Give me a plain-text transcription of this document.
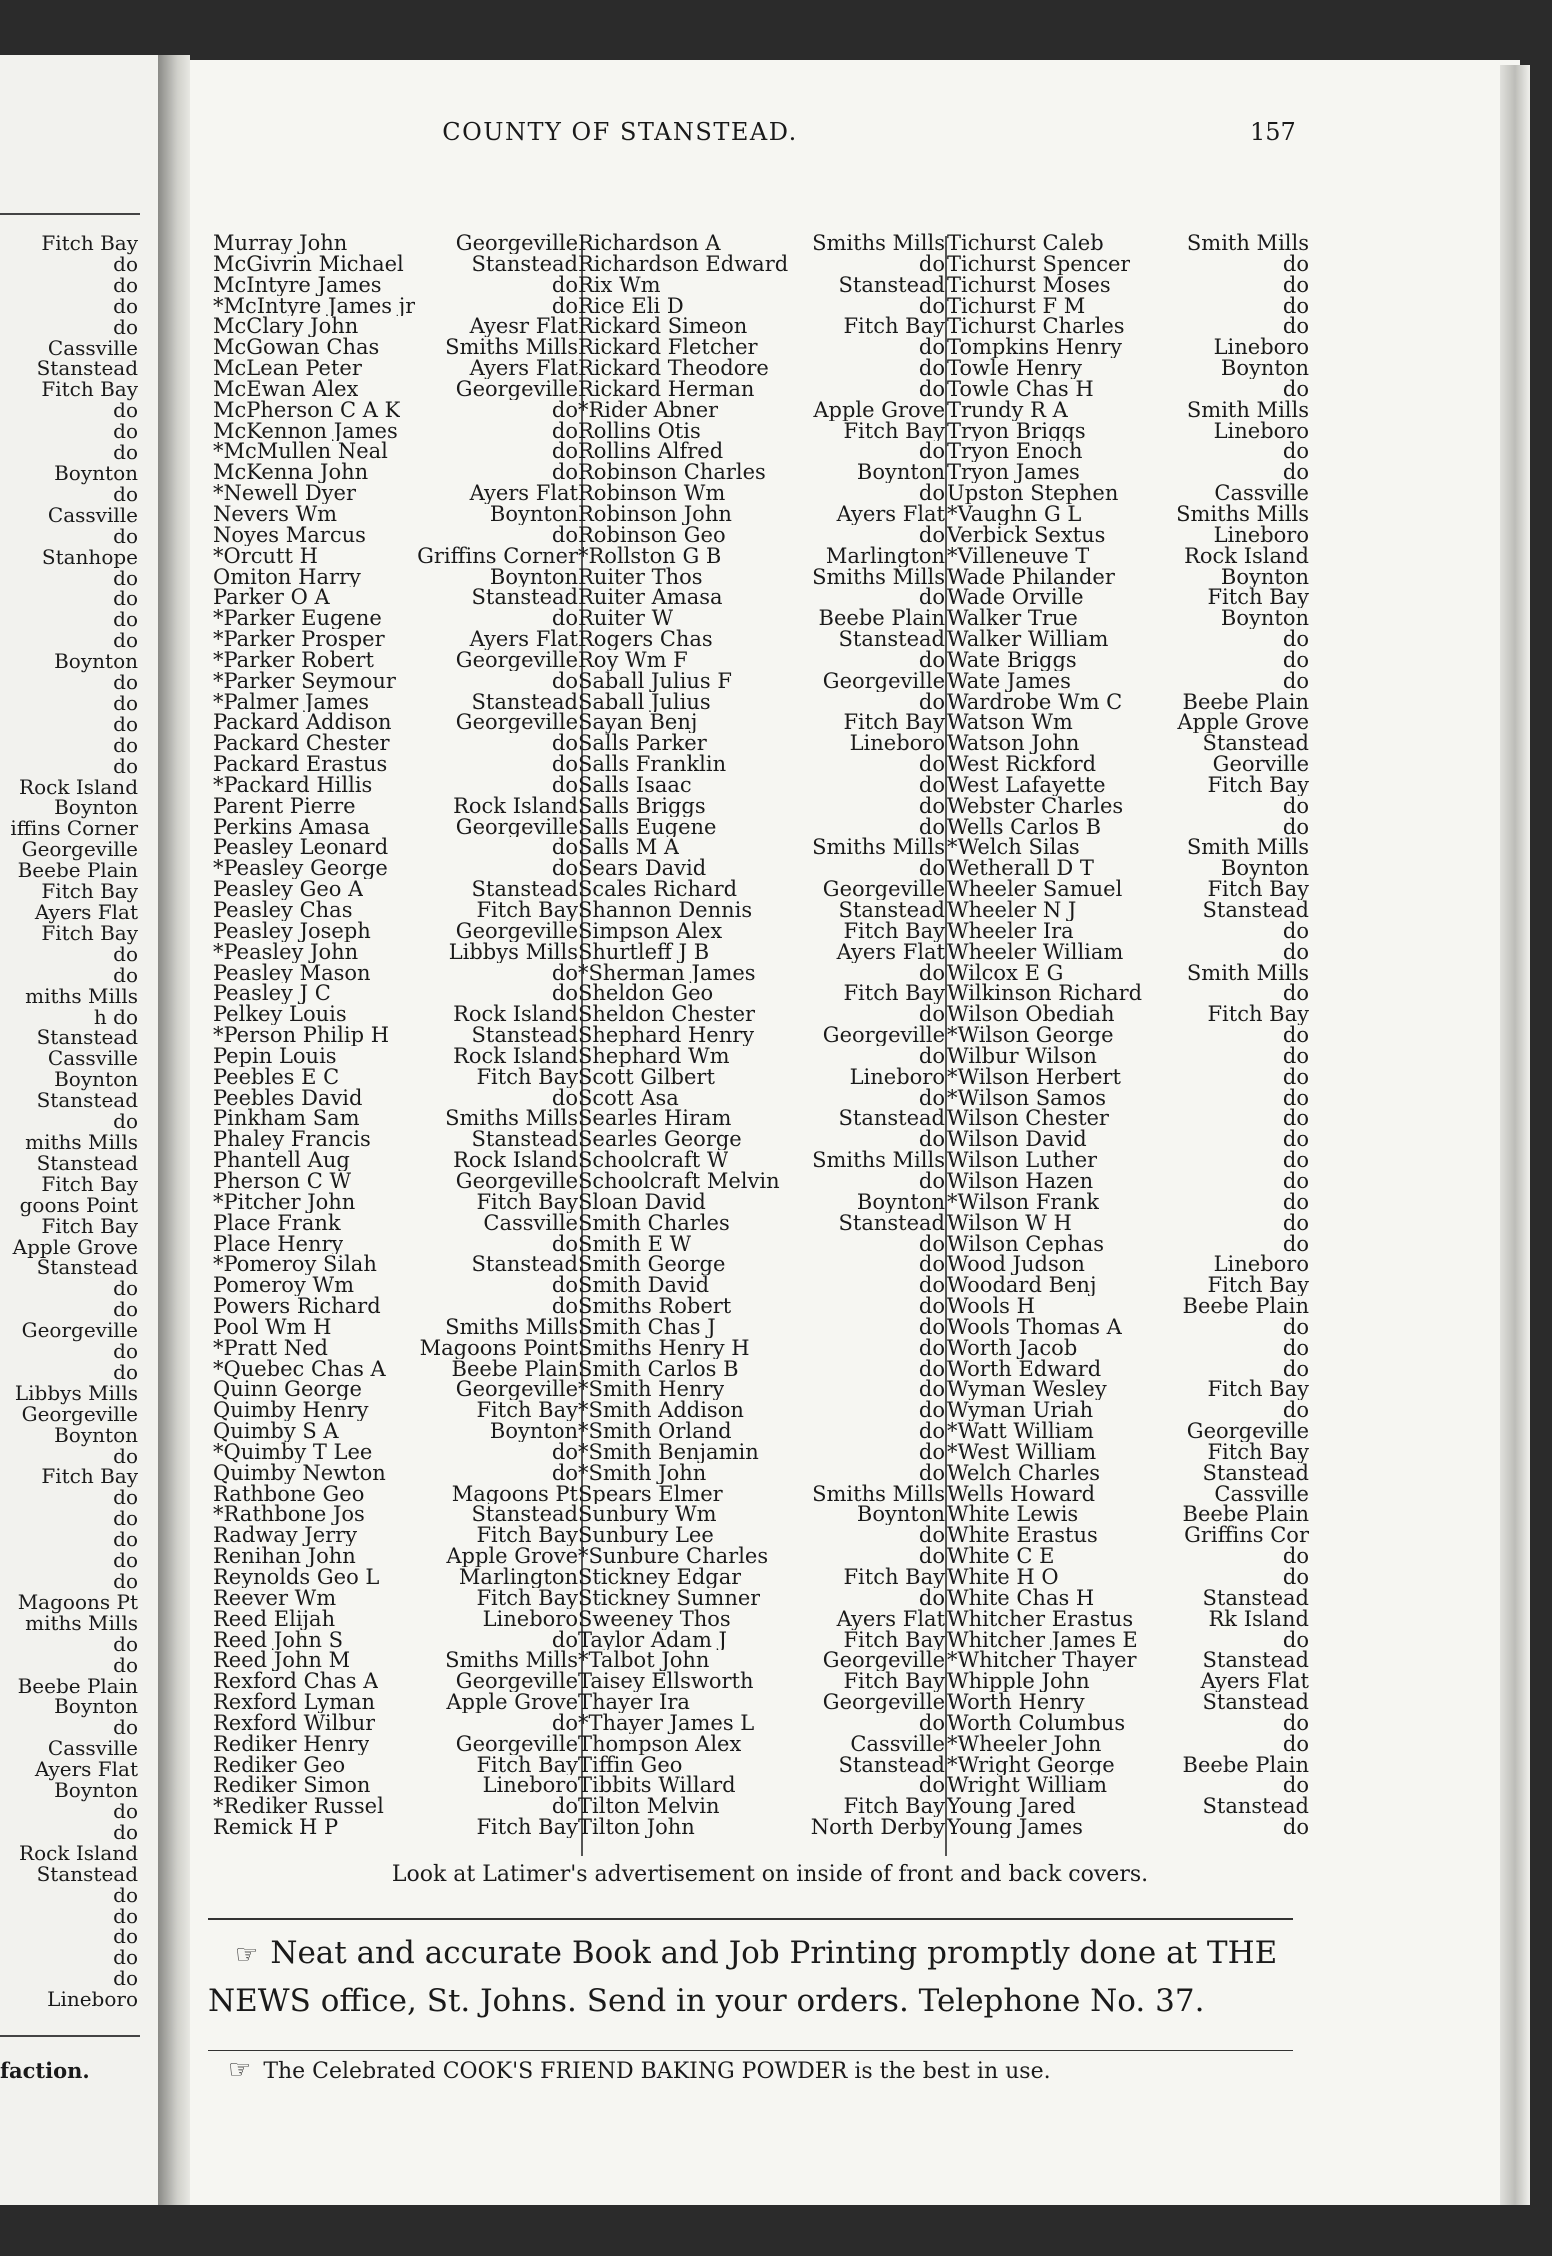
Fitch Bay
do
do
do
do
Cassville
Stanstead
Fitch Bay
do
do
do
Boynton
do
Cassville
do
Stanhope
do
do
do
do
Boynton
do
do
do
do
do
Rock Island
Boynton
iffins Corner
Georgeville
Beebe Plain
Fitch Bay
Ayers Flat
Fitch Bay
do
do
miths Mills
h do
Stanstead
Cassville
Boynton
Stanstead
do
miths Mills
Stanstead
Fitch Bay
goons Point
Fitch Bay
Apple Grove
Stanstead
do
do
Georgeville
do
do
Libbys Mills
Georgeville
Boynton
do
Fitch Bay
do
do
do
do
do
Magoons Pt
miths Mills
do
do
Beebe Plain
Boynton
do
Cassville
Ayers Flat
Boynton
do
do
Rock Island
Stanstead
do
do
do
do
do
Lineboro
faction.
COUNTY OF STANSTEAD.	157
Murray John	Georgeville
McGivrin Michael	Stanstead
McIntyre James	do
*McIntyre James jr	do
McClary John	Ayesr Flat
McGowan Chas	Smiths Mills
McLean Peter	Ayers Flat
McEwan Alex	Georgeville
McPherson C A K	do
McKennon James	do
*McMullen Neal	do
McKenna John	do
*Newell Dyer	Ayers Flat
Nevers Wm	Boynton
Noyes Marcus	do
*Orcutt H	Griffins Corner
Omiton Harry	Boynton
Parker O A	Stanstead
*Parker Eugene	do
*Parker Prosper	Ayers Flat
*Parker Robert	Georgeville
*Parker Seymour	do
*Palmer James	Stanstead
Packard Addison	Georgeville
Packard Chester	do
Packard Erastus	do
*Packard Hillis	do
Parent Pierre	Rock Island
Perkins Amasa	Georgeville
Peasley Leonard	do
*Peasley George	do
Peasley Geo A	Stanstead
Peasley Chas	Fitch Bay
Peasley Joseph	Georgeville
*Peasley John	Libbys Mills
Peasley Mason	do
Peasley J C	do
Pelkey Louis	Rock Island
*Person Philip H	Stanstead
Pepin Louis	Rock Island
Peebles E C	Fitch Bay
Peebles David	do
Pinkham Sam	Smiths Mills
Phaley Francis	Stanstead
Phantell Aug	Rock Island
Pherson C W	Georgeville
*Pitcher John	Fitch Bay
Place Frank	Cassville
Place Henry	do
*Pomeroy Silah	Stanstead
Pomeroy Wm	do
Powers Richard	do
Pool Wm H	Smiths Mills
*Pratt Ned	Magoons Point
*Quebec Chas A	Beebe Plain
Quinn George	Georgeville
Quimby Henry	Fitch Bay
Quimby S A	Boynton
*Quimby T Lee	do
Quimby Newton	do
Rathbone Geo	Magoons Pt
*Rathbone Jos	Stanstead
Radway Jerry	Fitch Bay
Renihan John	Apple Grove
Reynolds Geo L	Marlington
Reever Wm	Fitch Bay
Reed Elijah	Lineboro
Reed John S	do
Reed John M	Smiths Mills
Rexford Chas A	Georgeville
Rexford Lyman	Apple Grove
Rexford Wilbur	do
Rediker Henry	Georgeville
Rediker Geo	Fitch Bay
Rediker Simon	Lineboro
*Rediker Russel	do
Remick H P	Fitch Bay
Richardson A	Smiths Mills
Richardson Edward	do
Rix Wm	Stanstead
Rice Eli D	do
Rickard Simeon	Fitch Bay
Rickard Fletcher	do
Rickard Theodore	do
Rickard Herman	do
*Rider Abner	Apple Grove
Rollins Otis	Fitch Bay
Rollins Alfred	do
Robinson Charles	Boynton
Robinson Wm	do
Robinson John	Ayers Flat
Robinson Geo	do
*Rollston G B	Marlington
Ruiter Thos	Smiths Mills
Ruiter Amasa	do
Ruiter W	Beebe Plain
Rogers Chas	Stanstead
Roy Wm F	do
Saball Julius F	Georgeville
Saball Julius	do
Sayan Benj	Fitch Bay
Salls Parker	Lineboro
Salls Franklin	do
Salls Isaac	do
Salls Briggs	do
Salls Eugene	do
Salls M A	Smiths Mills
Sears David	do
Scales Richard	Georgeville
Shannon Dennis	Stanstead
Simpson Alex	Fitch Bay
Shurtleff J B	Ayers Flat
*Sherman James	do
Sheldon Geo	Fitch Bay
Sheldon Chester	do
Shephard Henry	Georgeville
Shephard Wm	do
Scott Gilbert	Lineboro
Scott Asa	do
Searles Hiram	Stanstead
Searles George	do
Schoolcraft W	Smiths Mills
Schoolcraft Melvin	do
Sloan David	Boynton
Smith Charles	Stanstead
Smith E W	do
Smith George	do
Smith David	do
Smiths Robert	do
Smith Chas J	do
Smiths Henry H	do
Smith Carlos B	do
*Smith Henry	do
*Smith Addison	do
*Smith Orland	do
*Smith Benjamin	do
*Smith John	do
Spears Elmer	Smiths Mills
Sunbury Wm	Boynton
Sunbury Lee	do
*Sunbure Charles	do
Stickney Edgar	Fitch Bay
Stickney Sumner	do
Sweeney Thos	Ayers Flat
Taylor Adam J	Fitch Bay
*Talbot John	Georgeville
Taisey Ellsworth	Fitch Bay
Thayer Ira	Georgeville
*Thayer James L	do
Thompson Alex	Cassville
Tiffin Geo	Stanstead
Tibbits Willard	do
Tilton Melvin	Fitch Bay
Tilton John	North Derby
Tichurst Caleb	Smith Mills
Tichurst Spencer	do
Tichurst Moses	do
Tichurst F M	do
Tichurst Charles	do
Tompkins Henry	Lineboro
Towle Henry	Boynton
Towle Chas H	do
Trundy R A	Smith Mills
Tryon Briggs	Lineboro
Tryon Enoch	do
Tryon James	do
Upston Stephen	Cassville
*Vaughn G L	Smiths Mills
Verbick Sextus	Lineboro
*Villeneuve T	Rock Island
Wade Philander	Boynton
Wade Orville	Fitch Bay
Walker True	Boynton
Walker William	do
Wate Briggs	do
Wate James	do
Wardrobe Wm C	Beebe Plain
Watson Wm	Apple Grove
Watson John	Stanstead
West Rickford	Georville
West Lafayette	Fitch Bay
Webster Charles	do
Wells Carlos B	do
*Welch Silas	Smith Mills
Wetherall D T	Boynton
Wheeler Samuel	Fitch Bay
Wheeler N J	Stanstead
Wheeler Ira	do
Wheeler William	do
Wilcox E G	Smith Mills
Wilkinson Richard	do
Wilson Obediah	Fitch Bay
*Wilson George	do
Wilbur Wilson	do
*Wilson Herbert	do
*Wilson Samos	do
Wilson Chester	do
Wilson David	do
Wilson Luther	do
Wilson Hazen	do
*Wilson Frank	do
Wilson W H	do
Wilson Cephas	do
Wood Judson	Lineboro
Woodard Benj	Fitch Bay
Wools H	Beebe Plain
Wools Thomas A	do
Worth Jacob	do
Worth Edward	do
Wyman Wesley	Fitch Bay
Wyman Uriah	do
*Watt William	Georgeville
*West William	Fitch Bay
Welch Charles	Stanstead
Wells Howard	Cassville
White Lewis	Beebe Plain
White Erastus	Griffins Cor
White C E	do
White H O	do
White Chas H	Stanstead
Whitcher Erastus	Rk Island
Whitcher James E	do
*Whitcher Thayer	Stanstead
Whipple John	Ayers Flat
Worth Henry	Stanstead
Worth Columbus	do
*Wheeler John	do
*Wright George	Beebe Plain
Wright William	do
Young Jared	Stanstead
Young James	do
Look at Latimer's advertisement on inside of front and back covers.
☞ Neat and accurate Book and Job Printing promptly done at THE
NEWS office, St. Johns. Send in your orders. Telephone No. 37.
☞ The Celebrated COOK'S FRIEND BAKING POWDER is the best in use.
